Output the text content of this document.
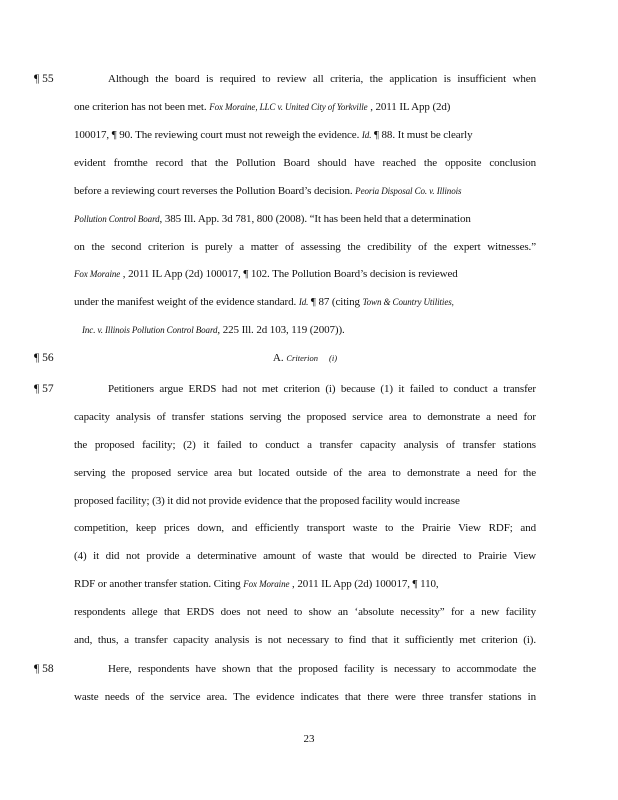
¶ 55	Although the board is required to review all criteria, the application is insufficient when
one criterion has not been met. Fox Moraine, LLC v. United City of Yorkville , 2011 IL App (2d)
100017, ¶ 90. The reviewing court must not reweigh the evidence. Id. ¶ 88. It must be clearly
evident fromthe record that the Pollution Board should have reached the opposite conclusion
before a reviewing court reverses the Pollution Board’s decision. Peoria Disposal Co. v. Illinois
Pollution Control Board, 385 Ill. App. 3d 781, 800 (2008). “It has been held that a determination
on the second criterion is purely a matter of assessing the credibility of the expert witnesses.”
Fox Moraine , 2011 IL App (2d) 100017, ¶ 102. The Pollution Board’s decision is reviewed
under the manifest weight of the evidence standard. Id. ¶ 87 (citing Town & Country Utilities,
Inc. v. Illinois Pollution Control Board, 225 Ill. 2d 103, 119 (2007)).
¶ 56	A. Criterion (i)
¶ 57	Petitioners argue ERDS had not met criterion (i) because (1) it failed to conduct a transfer
capacity analysis of transfer stations serving the proposed service area to demonstrate a need for
the proposed facility; (2) it failed to conduct a transfer capacity analysis of transfer stations
serving the proposed service area but located outside of the area to demonstrate a need for the
proposed facility; (3) it did not provide evidence that the proposed facility would increase
competition, keep prices down, and efficiently transport waste to the Prairie View RDF; and
(4) it did not provide a determinative amount of waste that would be directed to Prairie View
RDF or another transfer station. Citing Fox Moraine , 2011 IL App (2d) 100017, ¶ 110,
respondents allege that ERDS does not need to show an ‘absolute necessity” for a new facility
and, thus, a transfer capacity analysis is not necessary to find that it sufficiently met criterion (i).
¶ 58	Here, respondents have shown that the proposed facility is necessary to accommodate the
waste needs of the service area. The evidence indicates that there were three transfer stations in
23
